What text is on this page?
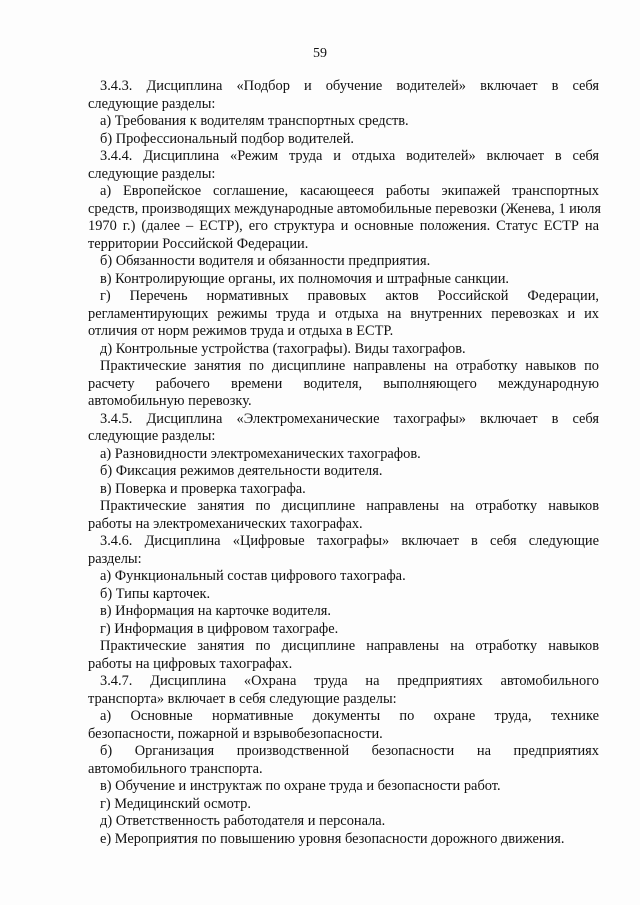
59
3.4.3. Дисциплина «Подбор и обучение водителей» включает в себя
следующие разделы:
а) Требования к водителям транспортных средств.
б) Профессиональный подбор водителей.
3.4.4. Дисциплина «Режим труда и отдыха водителей» включает в себя
следующие разделы:
а) Европейское соглашение, касающееся работы экипажей транспортных
средств, производящих международные автомобильные перевозки (Женева, 1 июля
1970 г.) (далее – ЕСТР), его структура и основные положения. Статус ЕСТР на
территории Российской Федерации.
б) Обязанности водителя и обязанности предприятия.
в) Контролирующие органы, их полномочия и штрафные санкции.
г) Перечень нормативных правовых актов Российской Федерации,
регламентирующих режимы труда и отдыха на внутренних перевозках и их
отличия от норм режимов труда и отдыха в ЕСТР.
д) Контрольные устройства (тахографы). Виды тахографов.
Практические занятия по дисциплине направлены на отработку навыков по
расчету рабочего времени водителя, выполняющего международную
автомобильную перевозку.
3.4.5. Дисциплина «Электромеханические тахографы» включает в себя
следующие разделы:
а) Разновидности электромеханических тахографов.
б) Фиксация режимов деятельности водителя.
в) Поверка и проверка тахографа.
Практические занятия по дисциплине направлены на отработку навыков
работы на электромеханических тахографах.
3.4.6. Дисциплина «Цифровые тахографы» включает в себя следующие
разделы:
а) Функциональный состав цифрового тахографа.
б) Типы карточек.
в) Информация на карточке водителя.
г) Информация в цифровом тахографе.
Практические занятия по дисциплине направлены на отработку навыков
работы на цифровых тахографах.
3.4.7. Дисциплина «Охрана труда на предприятиях автомобильного
транспорта» включает в себя следующие разделы:
а) Основные нормативные документы по охране труда, технике
безопасности, пожарной и взрывобезопасности.
б) Организация производственной безопасности на предприятиях
автомобильного транспорта.
в) Обучение и инструктаж по охране труда и безопасности работ.
г) Медицинский осмотр.
д) Ответственность работодателя и персонала.
е) Мероприятия по повышению уровня безопасности дорожного движения.
